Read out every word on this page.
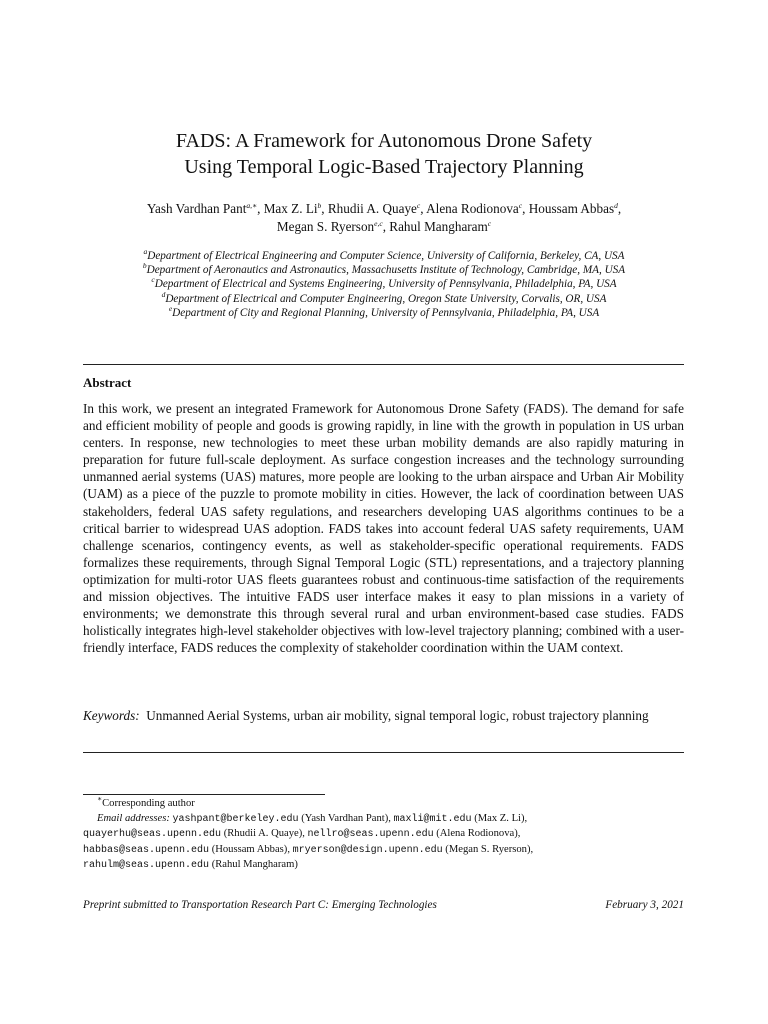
FADS: A Framework for Autonomous Drone Safety
Using Temporal Logic-Based Trajectory Planning
Yash Vardhan Pant$^{a,∗}$, Max Z. Li$^b$, Rhudii A. Quaye$^c$, Alena Rodionova$^c$, Houssam Abbas$^d$,
Megan S. Ryerson$^{e,c}$, Rahul Mangharam$^c$
$^a$Department of Electrical Engineering and Computer Science, University of California, Berkeley, CA, USA
$^b$Department of Aeronautics and Astronautics, Massachusetts Institute of Technology, Cambridge, MA, USA
$^c$Department of Electrical and Systems Engineering, University of Pennsylvania, Philadelphia, PA, USA
$^d$Department of Electrical and Computer Engineering, Oregon State University, Corvalis, OR, USA
$^e$Department of City and Regional Planning, University of Pennsylvania, Philadelphia, PA, USA
Abstract
In this work, we present an integrated Framework for Autonomous Drone Safety (FADS). The demand for safe and efficient mobility of people and goods is growing rapidly, in line with the growth in population in US urban centers. In response, new technologies to meet these urban mobility demands are also rapidly maturing in preparation for future full-scale deployment. As surface congestion increases and the technology surrounding unmanned aerial systems (UAS) matures, more people are looking to the urban airspace and Urban Air Mobility (UAM) as a piece of the puzzle to promote mobility in cities. However, the lack of coordination between UAS stakeholders, federal UAS safety regulations, and researchers developing UAS algorithms continues to be a critical barrier to widespread UAS adoption. FADS takes into account federal UAS safety requirements, UAM challenge scenarios, contingency events, as well as stakeholder-specific operational requirements. FADS formalizes these requirements, through Signal Temporal Logic (STL) representations, and a trajectory planning optimization for multi-rotor UAS fleets guarantees robust and continuous-time satisfaction of the requirements and mission objectives. The intuitive FADS user interface makes it easy to plan missions in a variety of environments; we demonstrate this through several rural and urban environment-based case studies. FADS holistically integrates high-level stakeholder objectives with low-level trajectory planning; combined with a user-friendly interface, FADS reduces the complexity of stakeholder coordination within the UAM context.
Keywords: Unmanned Aerial Systems, urban air mobility, signal temporal logic, robust trajectory planning
∗Corresponding author
Email addresses: yashpant@berkeley.edu (Yash Vardhan Pant), maxli@mit.edu (Max Z. Li),
quayerhu@seas.upenn.edu (Rhudii A. Quaye), nellro@seas.upenn.edu (Alena Rodionova),
habbas@seas.upenn.edu (Houssam Abbas), mryerson@design.upenn.edu (Megan S. Ryerson),
rahulm@seas.upenn.edu (Rahul Mangharam)
Preprint submitted to Transportation Research Part C: Emerging Technologies	February 3, 2021
